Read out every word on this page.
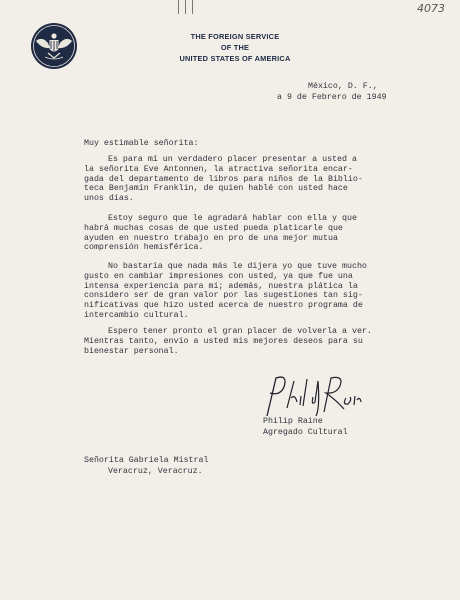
4073
THE FOREIGN SERVICE
OF THE
UNITED STATES OF AMERICA
México, D. F.,
a 9 de Febrero de 1949
Muy estimable señorita:
Es para mí un verdadero placer presentar a usted a
la señorita Eve Antonnen, la atractiva señorita encar-
gada del departamento de libros para niños de la Biblio-
teca Benjamín Franklin, de quien hablé con usted hace
unos días.
Estoy seguro que le agradará hablar con ella y que
habrá muchas cosas de que usted pueda platicarle que
ayuden en nuestro trabajo en pro de una mejor mutua
comprensión hemisférica.
No bastaría que nada más le dijera yo que tuve mucho
gusto en cambiar impresiones con usted, ya que fue una
intensa experiencia para mí; además, nuestra plática la
considero ser de gran valor por las sugestiones tan sig-
nificativas que hizo usted acerca de nuestro programa de
intercambio cultural.
Espero tener pronto el gran placer de volverla a ver.
Mientras tanto, envío a usted mis mejores deseos para su
bienestar personal.
Philip Raine
Agregado Cultural
Señorita Gabriela Mistral
Veracruz, Veracruz.
